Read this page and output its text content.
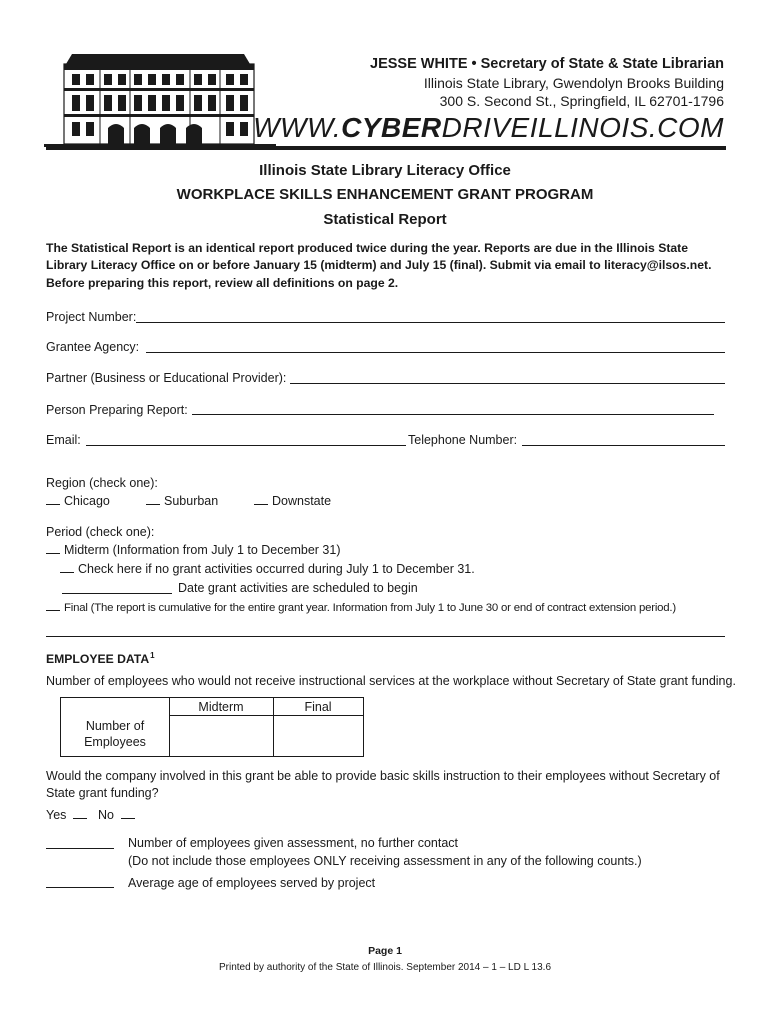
JESSE WHITE • Secretary of State & State Librarian
Illinois State Library, Gwendolyn Brooks Building
300 S. Second St., Springfield, IL 62701-1796
WWW.CYBERDRIVEILLINOIS.COM
Illinois State Library Literacy Office
WORKPLACE SKILLS ENHANCEMENT GRANT PROGRAM
Statistical Report
The Statistical Report is an identical report produced twice during the year. Reports are due in the Illinois State Library Literacy Office on or before January 15 (midterm) and July 15 (final). Submit via email to literacy@ilsos.net.
Before preparing this report, review all definitions on page 2.
Project Number:
Grantee Agency:
Partner (Business or Educational Provider):
Person Preparing Report:
Email:	Telephone Number:
Region (check one):
Chicago	Suburban	Downstate
Period (check one):
Midterm (Information from July 1 to December 31)
Check here if no grant activities occurred during July 1 to December 31.
Date grant activities are scheduled to begin
Final (The report is cumulative for the entire grant year. Information from July 1 to June 30 or end of contract extension period.)
EMPLOYEE DATA$^1$
Number of employees who would not receive instructional services at the workplace without Secretary of State grant funding.
Midterm	Final
Number of
Employees
Would the company involved in this grant be able to provide basic skills instruction to their employees without Secretary of State grant funding?
Yes	No
Number of employees given assessment, no further contact
(Do not include those employees ONLY receiving assessment in any of the following counts.)
Average age of employees served by project
Page 1
Printed by authority of the State of Illinois. September 2014 – 1 – LD L 13.6
